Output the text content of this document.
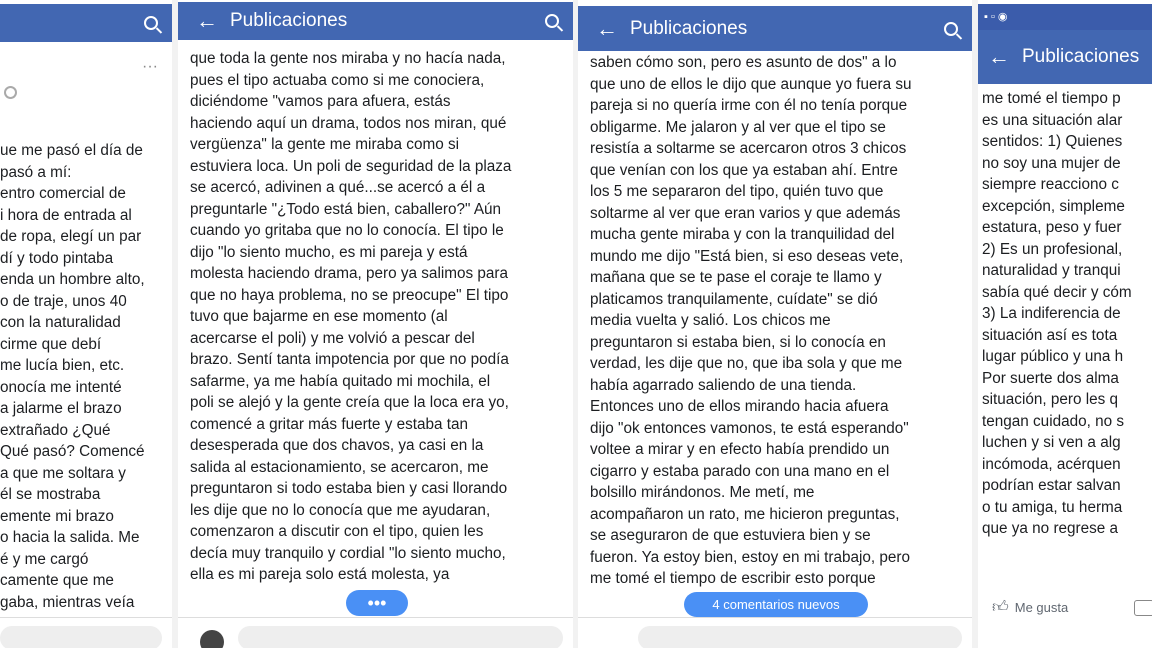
···
ue me pasó el día de
pasó a mí:
entro comercial de
i hora de entrada al
de ropa, elegí un par
dí y todo pintaba
enda un hombre alto,
o de traje, unos 40
con la naturalidad
cirme que debí
me lucía bien, etc.
onocía me intenté
a jalarme el brazo
extrañado ¿Qué
Qué pasó? Comencé
a que me soltara y
él se mostraba
emente mi brazo
o hacia la salida. Me
é y me cargó
camente que me
gaba, mientras veía
← Publicaciones
que toda la gente nos miraba y no hacía nada,
pues el tipo actuaba como si me conociera,
diciéndome "vamos para afuera, estás
haciendo aquí un drama, todos nos miran, qué
vergüenza" la gente me miraba como si
estuviera loca. Un poli de seguridad de la plaza
se acercó, adivinen a qué...se acercó a él a
preguntarle "¿Todo está bien, caballero?" Aún
cuando yo gritaba que no lo conocía. El tipo le
dijo "lo siento mucho, es mi pareja y está
molesta haciendo drama, pero ya salimos para
que no haya problema, no se preocupe" El tipo
tuvo que bajarme en ese momento (al
acercarse el poli) y me volvió a pescar del
brazo. Sentí tanta impotencia por que no podía
safarme, ya me había quitado mi mochila, el
poli se alejó y la gente creía que la loca era yo,
comencé a gritar más fuerte y estaba tan
desesperada que dos chavos, ya casi en la
salida al estacionamiento, se acercaron, me
preguntaron si todo estaba bien y casi llorando
les dije que no lo conocía que me ayudaran,
comenzaron a discutir con el tipo, quien les
decía muy tranquilo y cordial "lo siento mucho,
ella es mi pareja solo está molesta, ya
•••
← Publicaciones
saben cómo son, pero es asunto de dos" a lo
que uno de ellos le dijo que aunque yo fuera su
pareja si no quería irme con él no tenía porque
obligarme. Me jalaron y al ver que el tipo se
resistía a soltarme se acercaron otros 3 chicos
que venían con los que ya estaban ahí. Entre
los 5 me separaron del tipo, quién tuvo que
soltarme al ver que eran varios y que además
mucha gente miraba y con la tranquilidad del
mundo me dijo "Está bien, si eso deseas vete,
mañana que se te pase el coraje te llamo y
platicamos tranquilamente, cuídate" se dió
media vuelta y salió. Los chicos me
preguntaron si estaba bien, si lo conocía en
verdad, les dije que no, que iba sola y que me
había agarrado saliendo de una tienda.
Entonces uno de ellos mirando hacia afuera
dijo "ok entonces vamonos, te está esperando"
voltee a mirar y en efecto había prendido un
cigarro y estaba parado con una mano en el
bolsillo mirándonos. Me metí, me
acompañaron un rato, me hicieron preguntas,
se aseguraron de que estuviera bien y se
fueron. Ya estoy bien, estoy en mi trabajo, pero
me tomé el tiempo de escribir esto porque
4 comentarios nuevos
▪ ▫ ◉
← Publicaciones
me tomé el tiempo p
es una situación alar
sentidos: 1) Quienes
no soy una mujer de
siempre reacciono c
excepción, simpleme
estatura, peso y fuer
2) Es un profesional,
naturalidad y tranqui
sabía qué decir y cóm
3) La indiferencia de
situación así es tota
lugar público y una h
Por suerte dos alma
situación, pero les q
tengan cuidado, no s
luchen y si ven a alg
incómoda, acérquen
podrían estar salvan
o tu amiga, tu herma
que ya no regrese a
👍︎ Me gusta
